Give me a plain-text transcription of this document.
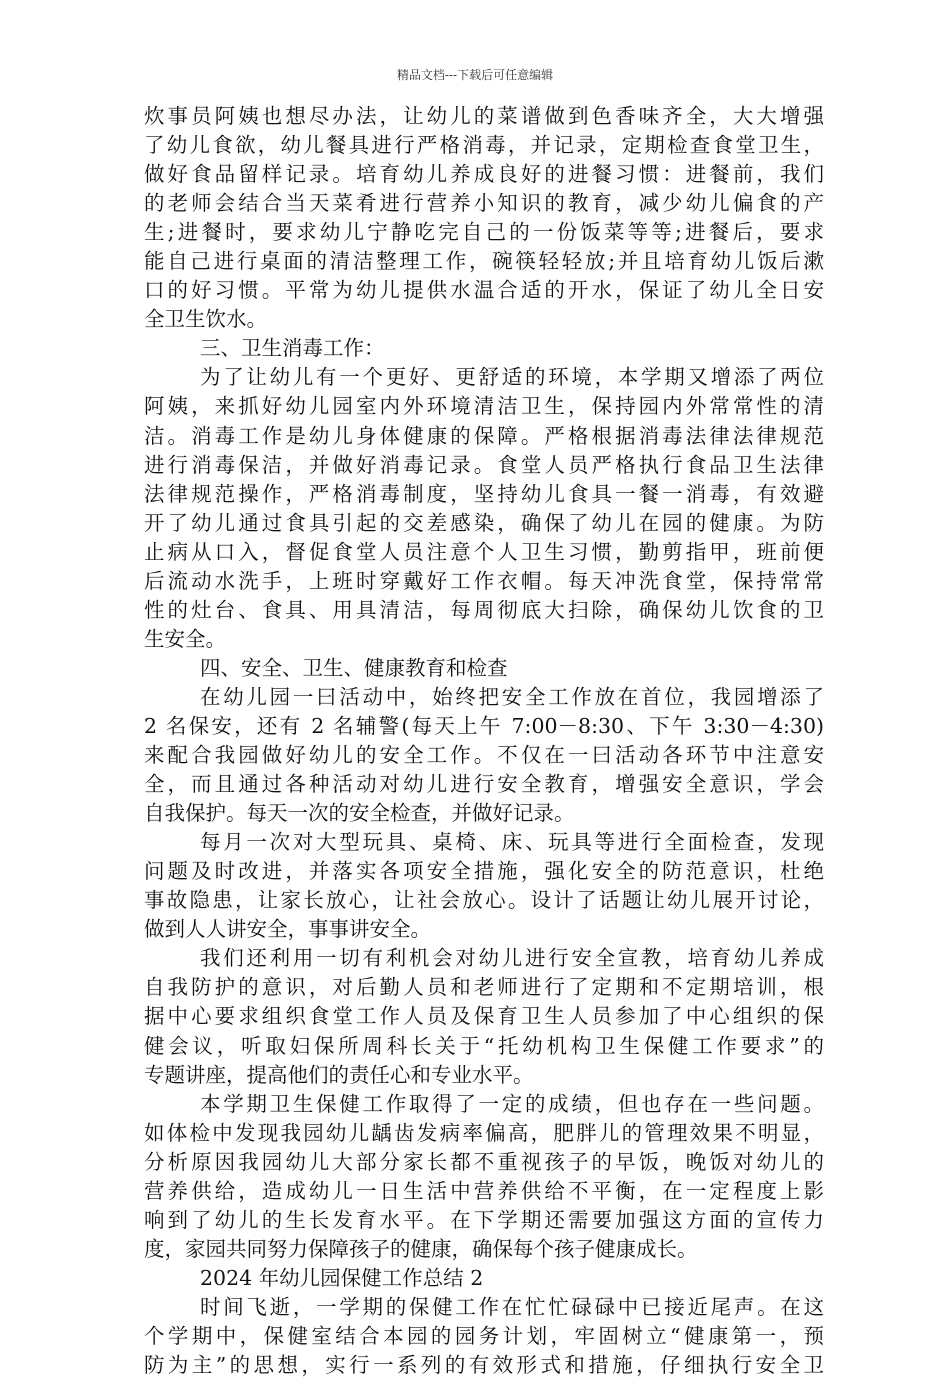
精品文档---下载后可任意编辑
炊事员阿姨也想尽办法，让幼儿的菜谱做到色香味齐全，大大增强
了幼儿食欲，幼儿餐具进行严格消毒，并记录，定期检查食堂卫生，
做好食品留样记录。培育幼儿养成良好的进餐习惯：进餐前，我们
的老师会结合当天菜肴进行营养小知识的教育，减少幼儿偏食的产
生;进餐时，要求幼儿宁静吃完自己的一份饭菜等等;进餐后，要求
能自己进行桌面的清洁整理工作，碗筷轻轻放;并且培育幼儿饭后漱
口的好习惯。平常为幼儿提供水温合适的开水，保证了幼儿全日安
全卫生饮水。
三、卫生消毒工作：
为了让幼儿有一个更好、更舒适的环境，本学期又增添了两位
阿姨，来抓好幼儿园室内外环境清洁卫生，保持园内外常常性的清
洁。消毒工作是幼儿身体健康的保障。严格根据消毒法律法律规范
进行消毒保洁，并做好消毒记录。食堂人员严格执行食品卫生法律
法律规范操作，严格消毒制度，坚持幼儿食具一餐一消毒，有效避
开了幼儿通过食具引起的交差感染，确保了幼儿在园的健康。为防
止病从口入，督促食堂人员注意个人卫生习惯，勤剪指甲，班前便
后流动水洗手，上班时穿戴好工作衣帽。每天冲洗食堂，保持常常
性的灶台、食具、用具清洁，每周彻底大扫除，确保幼儿饮食的卫
生安全。
四、安全、卫生、健康教育和检查
在幼儿园一曰活动中，始终把安全工作放在首位，我园增添了
2 名保安，还有 2 名辅警(每天上午 7:00－8:30、下午 3:30－4:30)
来配合我园做好幼儿的安全工作。不仅在一曰活动各环节中注意安
全，而且通过各种活动对幼儿进行安全教育，增强安全意识，学会
自我保护。每天一次的安全检查，并做好记录。
每月一次对大型玩具、桌椅、床、玩具等进行全面检查，发现
问题及时改进，并落实各项安全措施，强化安全的防范意识，杜绝
事故隐患，让家长放心，让社会放心。设计了话题让幼儿展开讨论，
做到人人讲安全，事事讲安全。
我们还利用一切有利机会对幼儿进行安全宣教，培育幼儿养成
自我防护的意识，对后勤人员和老师进行了定期和不定期培训，根
据中心要求组织食堂工作人员及保育卫生人员参加了中心组织的保
健会议，听取妇保所周科长关于“托幼机构卫生保健工作要求”的
专题讲座，提高他们的责任心和专业水平。
本学期卫生保健工作取得了一定的成绩，但也存在一些问题。
如体检中发现我园幼儿龋齿发病率偏高，肥胖儿的管理效果不明显，
分析原因我园幼儿大部分家长都不重视孩子的早饭，晚饭对幼儿的
营养供给，造成幼儿一日生活中营养供给不平衡，在一定程度上影
响到了幼儿的生长发育水平。在下学期还需要加强这方面的宣传力
度，家园共同努力保障孩子的健康，确保每个孩子健康成长。
2024 年幼儿园保健工作总结 2
时间飞逝，一学期的保健工作在忙忙碌碌中已接近尾声。在这
个学期中，保健室结合本园的园务计划，牢固树立“健康第一，预
防为主”的思想，实行一系列的有效形式和措施，仔细执行安全卫
